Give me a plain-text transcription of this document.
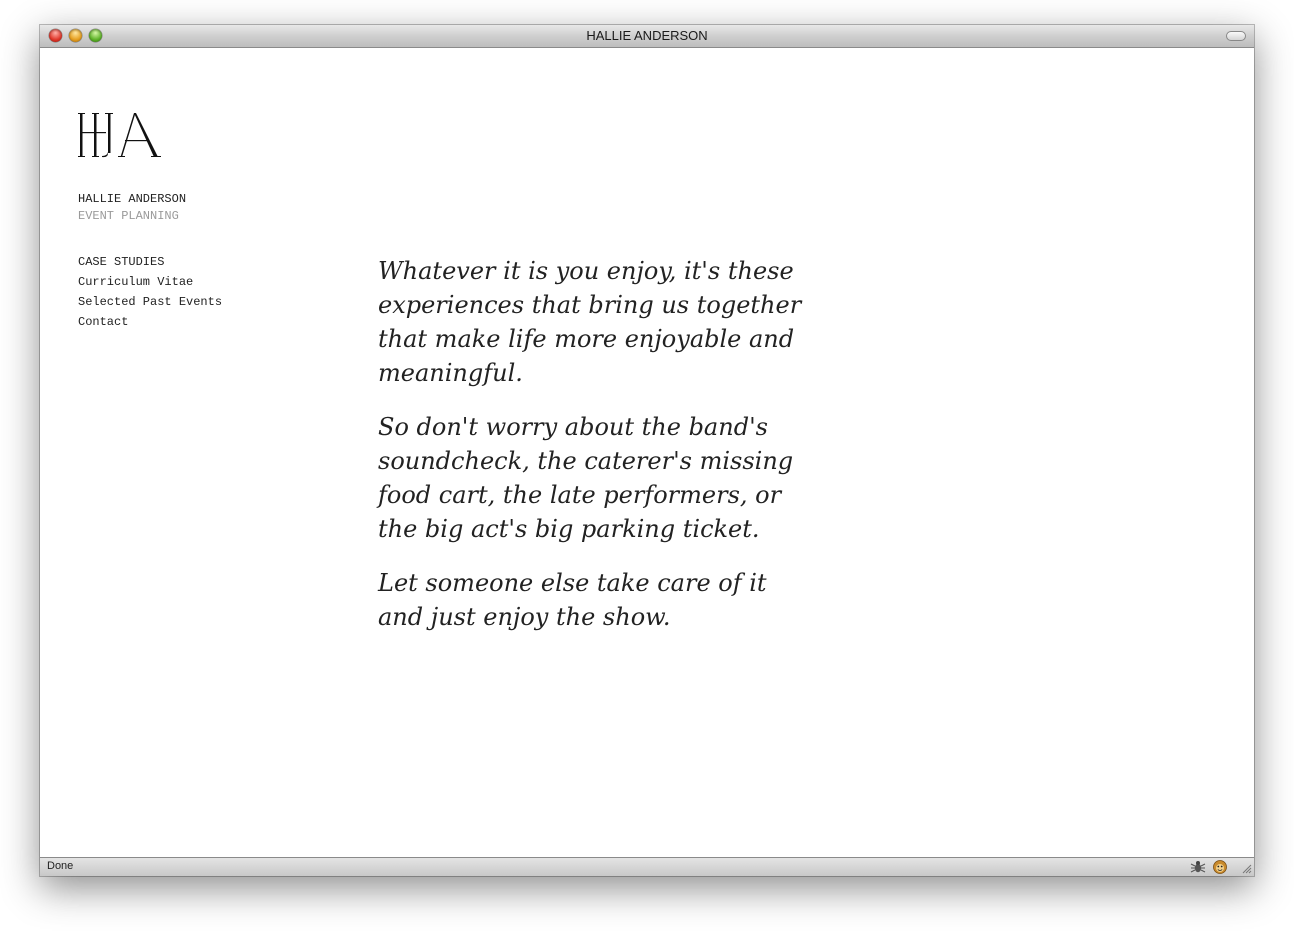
HALLIE ANDERSON
HALLIE ANDERSON
EVENT PLANNING
CASE STUDIES
Curriculum Vitae
Selected Past Events
Contact

Whatever it is you enjoy, it's these experiences that bring us together that make life more enjoyable and meaningful.

So don't worry about the band's soundcheck, the caterer's missing food cart, the late performers, or the big act's big parking ticket.

Let someone else take care of it and just enjoy the show.

Done
